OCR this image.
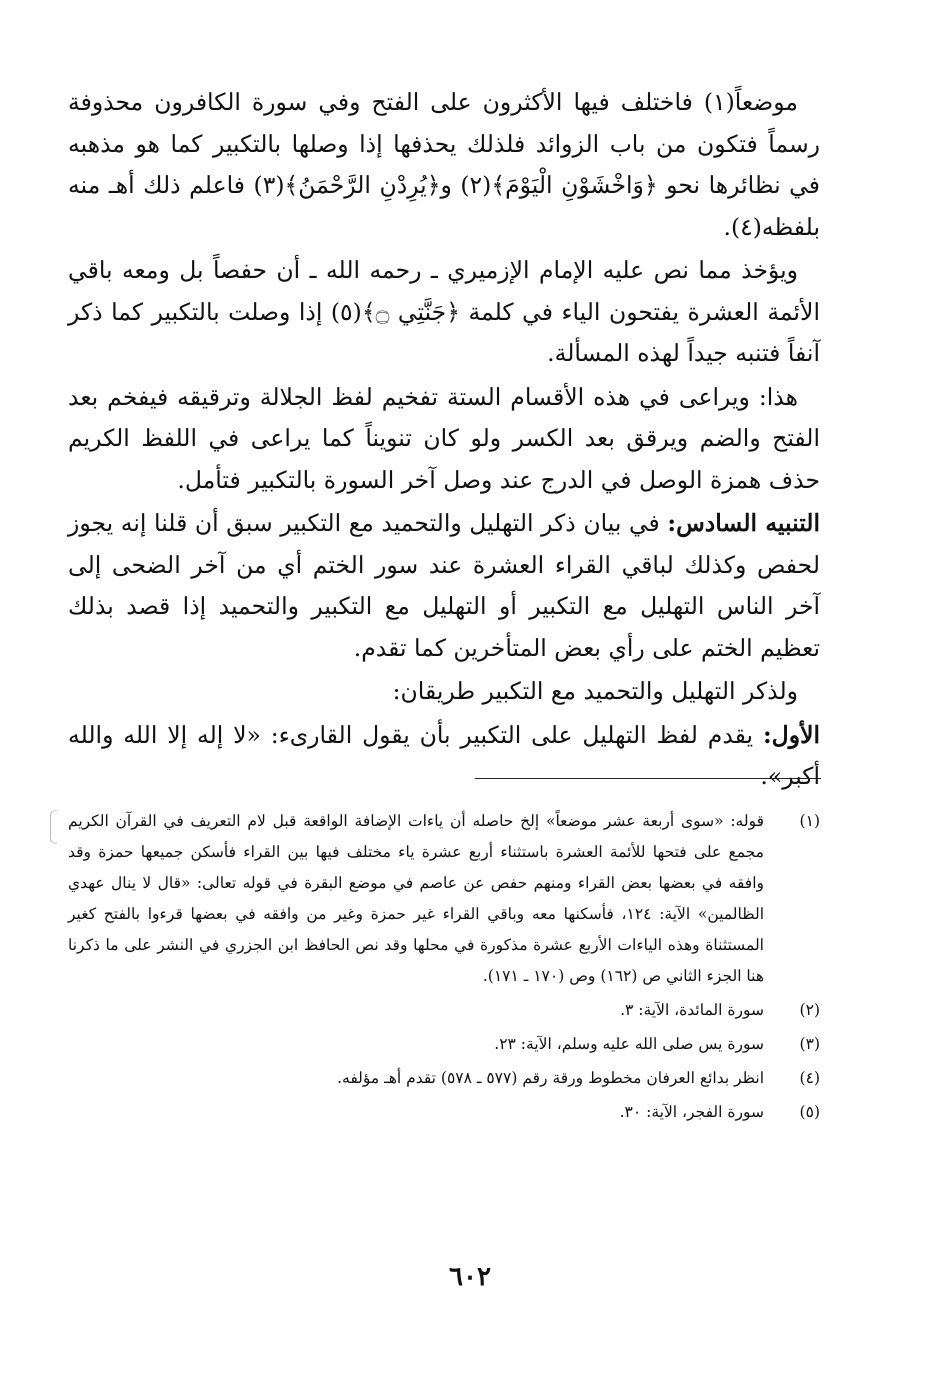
موضعاً(١) فاختلف فيها الأكثرون على الفتح وفي سورة الكافرون محذوفة رسماً فتكون من باب الزوائد فلذلك يحذفها إذا وصلها بالتكبير كما هو مذهبه في نظائرها نحو ﴿وَاخْشَوْنِ الْيَوْمَ﴾(٢) و﴿يُرِدْنِ الرَّحْمَنُ﴾(٣) فاعلم ذلك أهـ منه بلفظه(٤).

ويؤخذ مما نص عليه الإمام الإزميري ـ رحمه الله ـ أن حفصاً بل ومعه باقي الأئمة العشرة يفتحون الياء في كلمة ﴿جَنَّتِي ۝﴾(٥) إذا وصلت بالتكبير كما ذكر آنفاً فتنبه جيداً لهذه المسألة.

هذا: ويراعى في هذه الأقسام الستة تفخيم لفظ الجلالة وترقيقه فيفخم بعد الفتح والضم ويرقق بعد الكسر ولو كان تنويناً كما يراعى في اللفظ الكريم حذف همزة الوصل في الدرج عند وصل آخر السورة بالتكبير فتأمل.

التنبيه السادس: في بيان ذكر التهليل والتحميد مع التكبير سبق أن قلنا إنه يجوز لحفص وكذلك لباقي القراء العشرة عند سور الختم أي من آخر الضحى إلى آخر الناس التهليل مع التكبير أو التهليل مع التكبير والتحميد إذا قصد بذلك تعظيم الختم على رأي بعض المتأخرين كما تقدم.

ولذكر التهليل والتحميد مع التكبير طريقان:

الأول: يقدم لفظ التهليل على التكبير بأن يقول القارىء: «لا إله إلا الله والله أكبر».

(١)
قوله: «سوى أربعة عشر موضعاً» إلخ حاصله أن ياءات الإضافة الواقعة قبل لام التعريف في القرآن الكريم مجمع على فتحها للأئمة العشرة باستثناء أربع عشرة ياء مختلف فيها بين القراء فأسكن جميعها حمزة وقد وافقه في بعضها بعض القراء ومنهم حفص عن عاصم في موضع البقرة في قوله تعالى: «قال لا ينال عهدي الظالمين» الآية: ١٢٤، فأسكنها معه وباقي القراء غير حمزة وغير من وافقه في بعضها قرءوا بالفتح كغير المستثناة وهذه الياءات الأربع عشرة مذكورة في محلها وقد نص الحافظ ابن الجزري في النشر على ما ذكرنا هنا الجزء الثاني ص (١٦٢) وص (١٧٠ ـ ١٧١).
(٢)
سورة المائدة، الآية: ٣.
(٣)
سورة يس صلى الله عليه وسلم، الآية: ٢٣.
(٤)
انظر بدائع العرفان مخطوط ورقة رقم (٥٧٧ ـ ٥٧٨) تقدم أهـ مؤلفه.
(٥)
سورة الفجر، الآية: ٣٠.
٦٠٢
